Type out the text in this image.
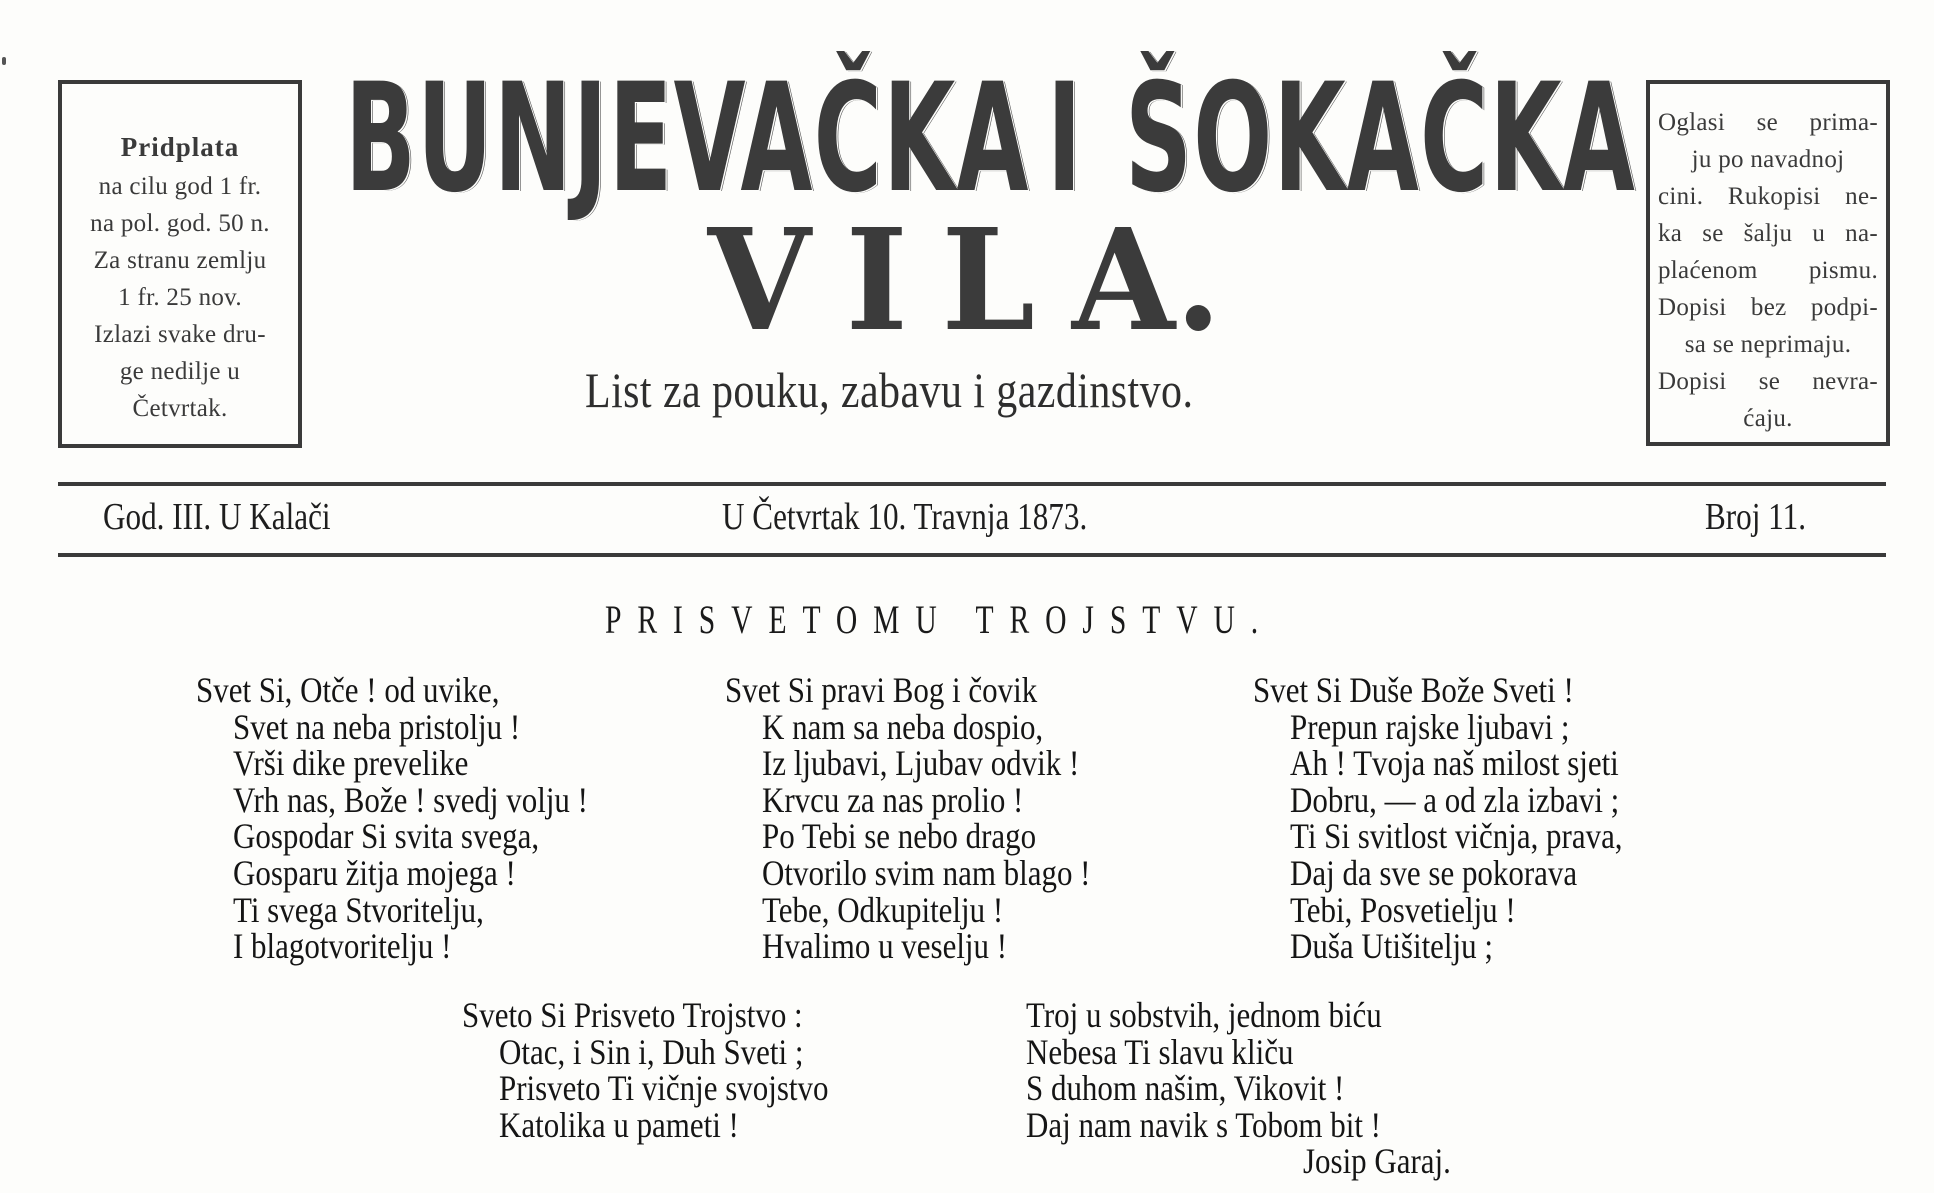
Pridplata
na cilu god 1 fr.
na pol. god. 50 n.
Za stranu zemlju
1 fr. 25 nov.
Izlazi svake dru-
ge nedilje u
Četvrtak.
Oglasi se prima-
ju po navadnoj
cini. Rukopisi ne-
ka se šalju u na-
plaćenom pismu.
Dopisi bez podpi-
sa se neprimaju.
Dopisi se nevra-
ćaju.
BUNJEVAČKA I ŠOKAČKA
V I L A.
List za pouku, zabavu i gazdinstvo.
God. III. U Kalači	U Četvrtak 10. Travnja 1873.	Broj 11.
PRISVETOMU TROJSTVU.
Svet Si, Otče ! od uvike,
Svet na neba pristolju !
Vrši dike prevelike
Vrh nas, Bože ! svedj volju !
Gospodar Si svita svega,
Gosparu žitja mojega !
Ti svega Stvoritelju,
I blagotvoritelju !
Svet Si pravi Bog i čovik
K nam sa neba dospio,
Iz ljubavi, Ljubav odvik !
Krvcu za nas prolio !
Po Tebi se nebo drago
Otvorilo svim nam blago !
Tebe, Odkupitelju !
Hvalimo u veselju !
Svet Si Duše Bože Sveti !
Prepun rajske ljubavi ;
Ah ! Tvoja naš milost sjeti
Dobru, — a od zla izbavi ;
Ti Si svitlost vičnja, prava,
Daj da sve se pokorava
Tebi, Posvetielju !
Duša Utišitelju ;
Sveto Si Prisveto Trojstvo :
Otac, i Sin i, Duh Sveti ;
Prisveto Ti vičnje svojstvo
Katolika u pameti !
Troj u sobstvih, jednom biću
Nebesa Ti slavu kliču
S duhom našim, Vikovit !
Daj nam navik s Tobom bit !
Josip Garaj.
